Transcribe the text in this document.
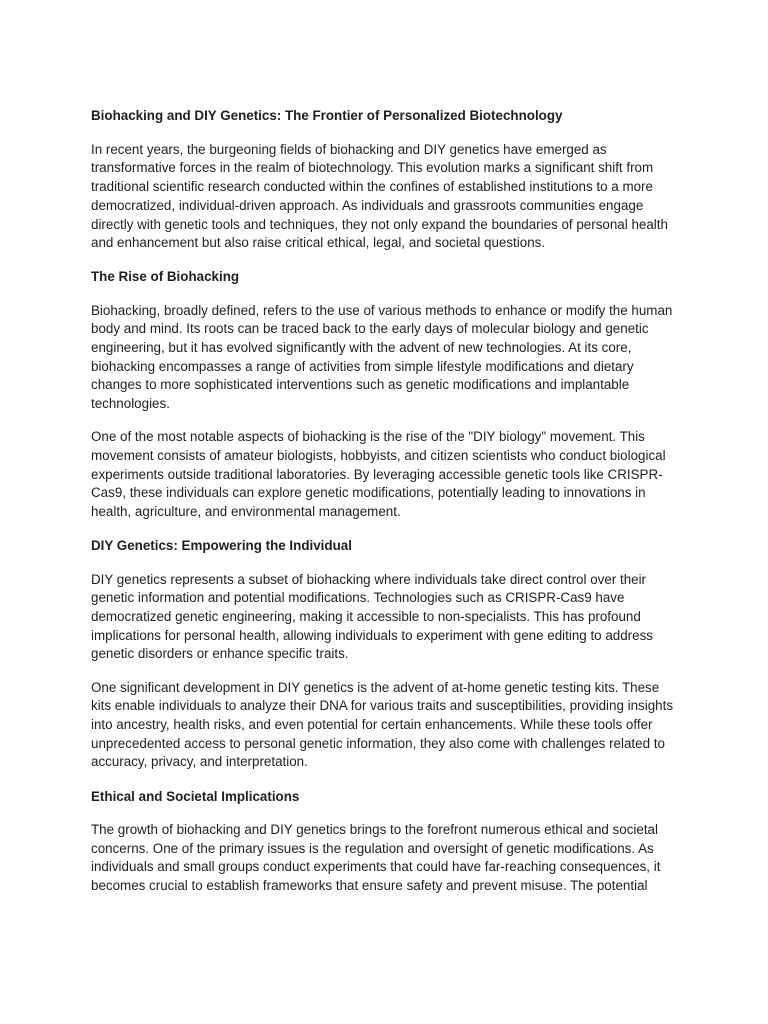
Biohacking and DIY Genetics: The Frontier of Personalized Biotechnology
In recent years, the burgeoning fields of biohacking and DIY genetics have emerged as transformative forces in the realm of biotechnology. This evolution marks a significant shift from traditional scientific research conducted within the confines of established institutions to a more democratized, individual-driven approach. As individuals and grassroots communities engage directly with genetic tools and techniques, they not only expand the boundaries of personal health and enhancement but also raise critical ethical, legal, and societal questions.
The Rise of Biohacking
Biohacking, broadly defined, refers to the use of various methods to enhance or modify the human body and mind. Its roots can be traced back to the early days of molecular biology and genetic engineering, but it has evolved significantly with the advent of new technologies. At its core, biohacking encompasses a range of activities from simple lifestyle modifications and dietary changes to more sophisticated interventions such as genetic modifications and implantable technologies.
One of the most notable aspects of biohacking is the rise of the "DIY biology" movement. This movement consists of amateur biologists, hobbyists, and citizen scientists who conduct biological experiments outside traditional laboratories. By leveraging accessible genetic tools like CRISPR-Cas9, these individuals can explore genetic modifications, potentially leading to innovations in health, agriculture, and environmental management.
DIY Genetics: Empowering the Individual
DIY genetics represents a subset of biohacking where individuals take direct control over their genetic information and potential modifications. Technologies such as CRISPR-Cas9 have democratized genetic engineering, making it accessible to non-specialists. This has profound implications for personal health, allowing individuals to experiment with gene editing to address genetic disorders or enhance specific traits.
One significant development in DIY genetics is the advent of at-home genetic testing kits. These kits enable individuals to analyze their DNA for various traits and susceptibilities, providing insights into ancestry, health risks, and even potential for certain enhancements. While these tools offer unprecedented access to personal genetic information, they also come with challenges related to accuracy, privacy, and interpretation.
Ethical and Societal Implications
The growth of biohacking and DIY genetics brings to the forefront numerous ethical and societal concerns. One of the primary issues is the regulation and oversight of genetic modifications. As individuals and small groups conduct experiments that could have far-reaching consequences, it becomes crucial to establish frameworks that ensure safety and prevent misuse. The potential
